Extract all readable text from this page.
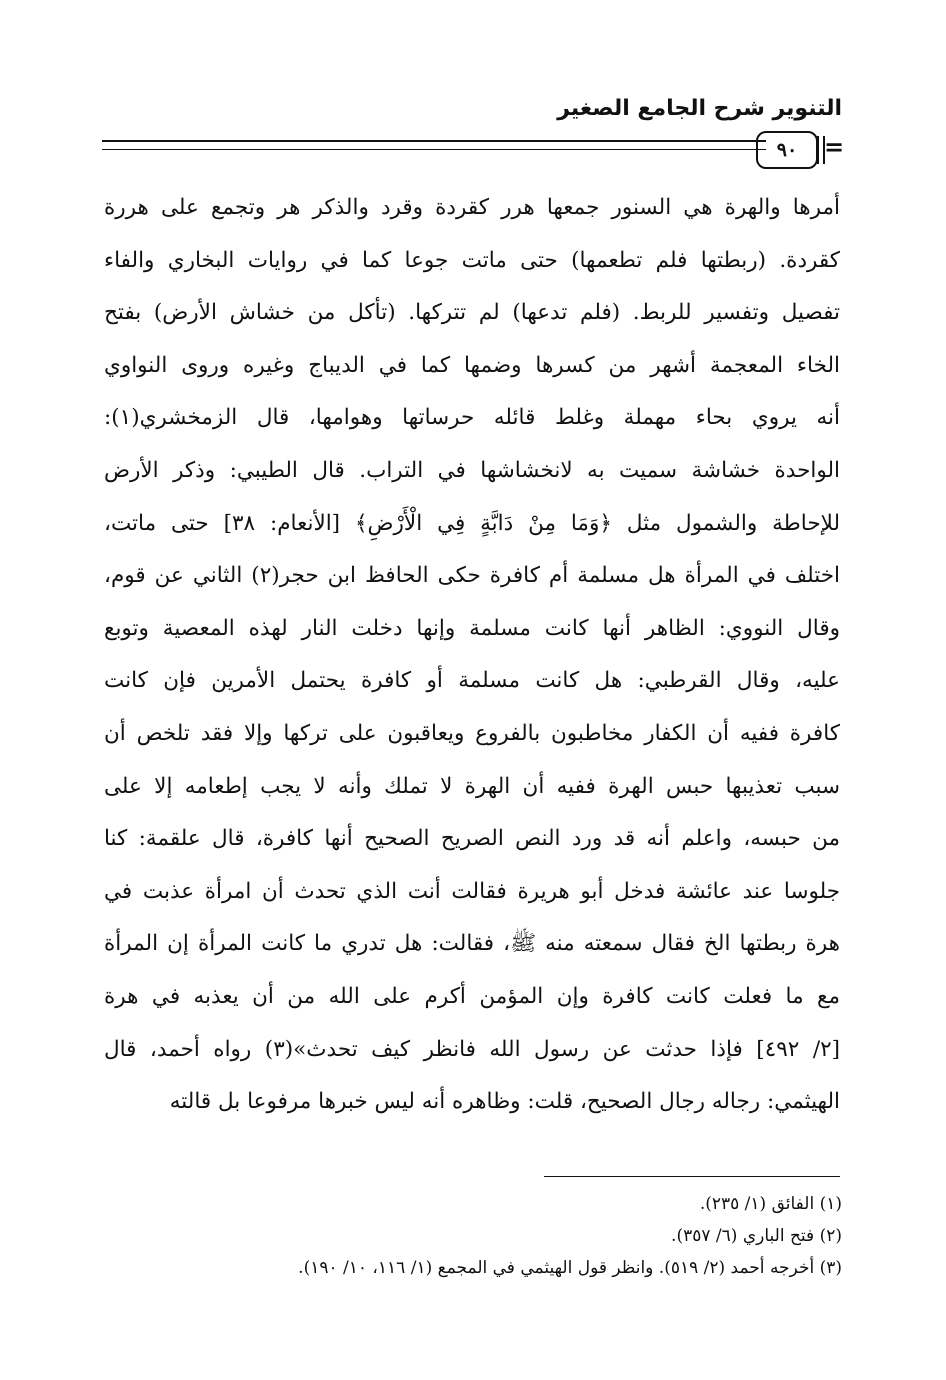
التنوير شرح الجامع الصغير
٩٠	=
أمرها والهرة هي السنور جمعها هرر كقردة وقرد والذكر هر وتجمع على هررة
كقردة. (ربطتها فلم تطعمها) حتى ماتت جوعا كما في روايات البخاري والفاء
تفصيل وتفسير للربط. (فلم تدعها) لم تتركها. (تأكل من خشاش الأرض) بفتح
الخاء المعجمة أشهر من كسرها وضمها كما في الديباج وغيره وروى النواوي
أنه يروي بحاء مهملة وغلط قائله حرساتها وهوامها، قال الزمخشري(١):
الواحدة خشاشة سميت به لانخشاشها في التراب. قال الطيبي: وذكر الأرض
للإحاطة والشمول مثل ﴿وَمَا مِنْ دَابَّةٍ فِي الْأَرْضِ﴾ [الأنعام: ٣٨] حتى ماتت،
اختلف في المرأة هل مسلمة أم كافرة حكى الحافظ ابن حجر(٢) الثاني عن قوم،
وقال النووي: الظاهر أنها كانت مسلمة وإنها دخلت النار لهذه المعصية وتوبع
عليه، وقال القرطبي: هل كانت مسلمة أو كافرة يحتمل الأمرين فإن كانت
كافرة ففيه أن الكفار مخاطبون بالفروع ويعاقبون على تركها وإلا فقد تلخص أن
سبب تعذيبها حبس الهرة ففيه أن الهرة لا تملك وأنه لا يجب إطعامه إلا على
من حبسه، واعلم أنه قد ورد النص الصريح الصحيح أنها كافرة، قال علقمة: كنا
جلوسا عند عائشة فدخل أبو هريرة فقالت أنت الذي تحدث أن امرأة عذبت في
هرة ربطتها الخ فقال سمعته منه ﷺ، فقالت: هل تدري ما كانت المرأة إن المرأة
مع ما فعلت كانت كافرة وإن المؤمن أكرم على الله من أن يعذبه في هرة
[٢/ ٤٩٢] فإذا حدثت عن رسول الله فانظر كيف تحدث»(٣) رواه أحمد، قال
الهيثمي: رجاله رجال الصحيح، قلت: وظاهره أنه ليس خبرها مرفوعا بل قالته
(١) الفائق (١/ ٢٣٥).
(٢) فتح الباري (٦/ ٣٥٧).
(٣) أخرجه أحمد (٢/ ٥١٩). وانظر قول الهيثمي في المجمع (١/ ١١٦، ١٠/ ١٩٠).
